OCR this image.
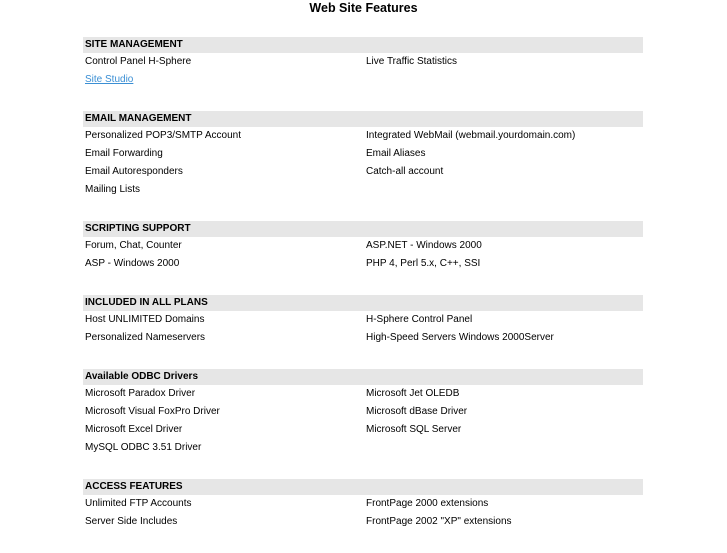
Web Site Features
SITE MANAGEMENT
Control Panel H-Sphere	Live Traffic Statistics
Site Studio
EMAIL MANAGEMENT
Personalized POP3/SMTP Account	Integrated WebMail (webmail.yourdomain.com)
Email Forwarding	Email Aliases
Email Autoresponders	Catch-all account
Mailing Lists
SCRIPTING SUPPORT
Forum, Chat, Counter	ASP.NET - Windows 2000
ASP - Windows 2000	PHP 4, Perl 5.x, C++, SSI
INCLUDED IN ALL PLANS
Host UNLIMITED Domains	H-Sphere Control Panel
Personalized Nameservers	High-Speed Servers Windows 2000Server
Available ODBC Drivers
Microsoft Paradox Driver	Microsoft Jet OLEDB
Microsoft Visual FoxPro Driver	Microsoft dBase Driver
Microsoft Excel Driver	Microsoft SQL Server
MySQL ODBC 3.51 Driver
ACCESS FEATURES
Unlimited FTP Accounts	FrontPage 2000 extensions
Server Side Includes	FrontPage 2002 "XP" extensions
